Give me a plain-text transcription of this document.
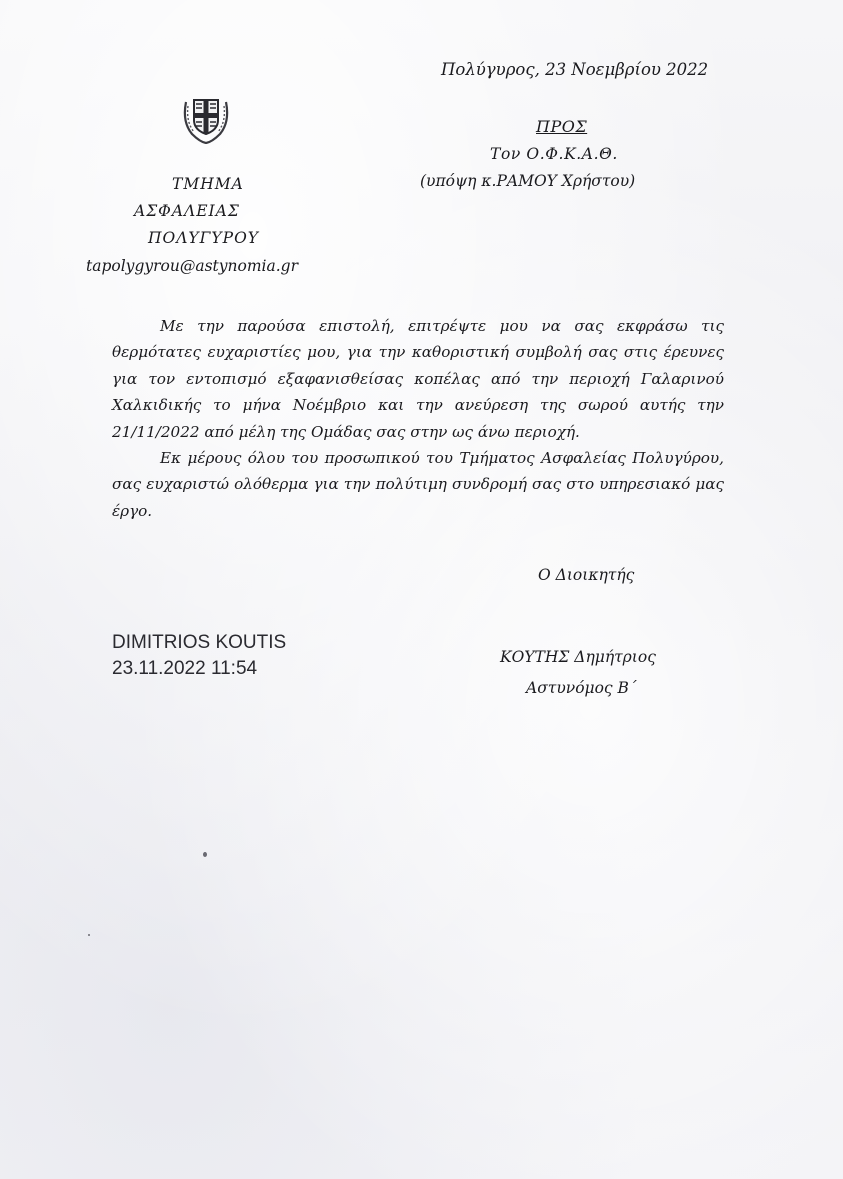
Πολύγυρος, 23 Νοεμβρίου 2022
ΠΡΟΣ
Τον Ο.Φ.Κ.Α.Θ.
(υπόψη κ.ΡΑΜΟΥ Χρήστου)
ΤΜΗΜΑ
ΑΣΦΑΛΕΙΑΣ
ΠΟΛΥΓΥΡΟΥ
tapolygyrou@astynomia.gr

Με την παρούσα επιστολή, επιτρέψτε μου να σας εκφράσω τις θερμότατες ευχαριστίες μου, για την καθοριστική συμβολή σας στις έρευνες για τον εντοπισμό εξαφανισθείσας κοπέλας από την περιοχή Γαλαρινού Χαλκιδικής το μήνα Νοέμβριο και την ανεύρεση της σωρού αυτής την 21/11/2022 από μέλη της Ομάδας σας στην ως άνω περιοχή.

Εκ μέρους όλου του προσωπικού του Τμήματος Ασφαλείας Πολυγύρου, σας ευχαριστώ ολόθερμα για την πολύτιμη συνδρομή σας στο υπηρεσιακό μας έργο.

Ο Διοικητής
DIMITRIOS KOUTIS
23.11.2022 11:54
ΚΟΥΤΗΣ Δημήτριος
Αστυνόμος Β΄
